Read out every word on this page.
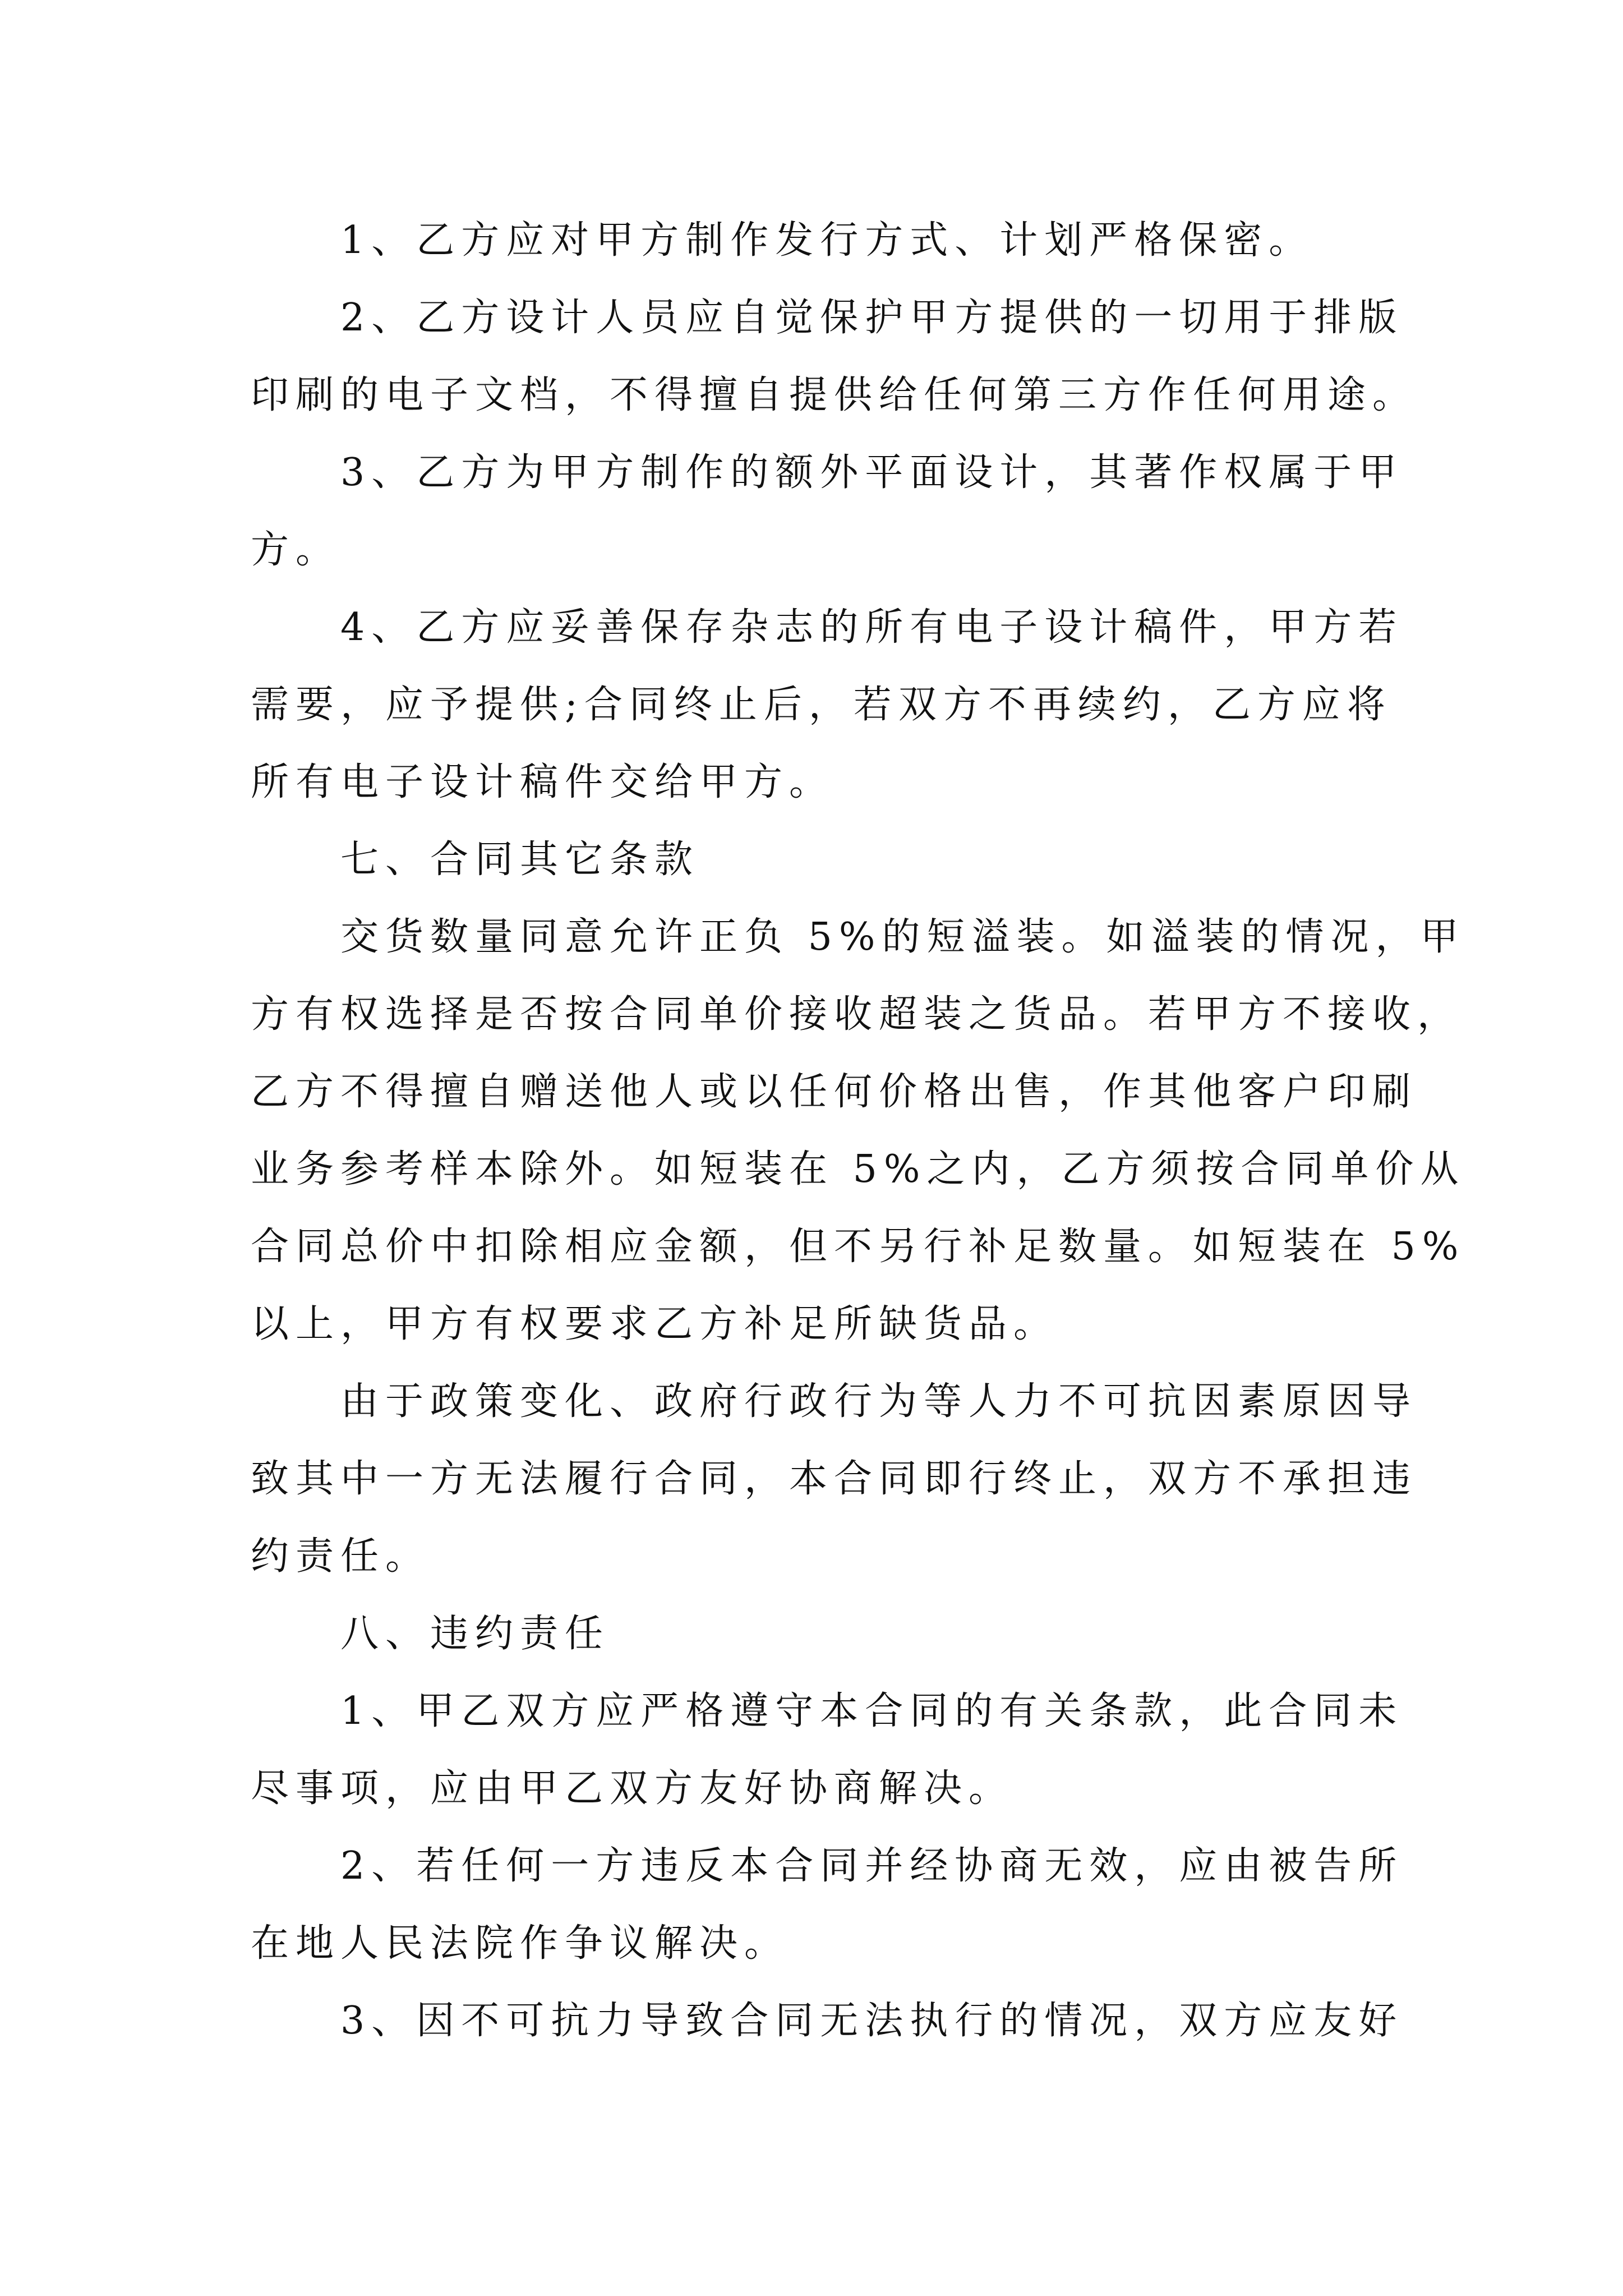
1、乙方应对甲方制作发行方式、计划严格保密。
2、乙方设计人员应自觉保护甲方提供的一切用于排版
印刷的电子文档，不得擅自提供给任何第三方作任何用途。
3、乙方为甲方制作的额外平面设计，其著作权属于甲
方。
4、乙方应妥善保存杂志的所有电子设计稿件，甲方若
需要，应予提供;合同终止后，若双方不再续约，乙方应将
所有电子设计稿件交给甲方。
七、合同其它条款
交货数量同意允许正负 5%的短溢装。如溢装的情况，甲
方有权选择是否按合同单价接收超装之货品。若甲方不接收，
乙方不得擅自赠送他人或以任何价格出售，作其他客户印刷
业务参考样本除外。如短装在 5%之内，乙方须按合同单价从
合同总价中扣除相应金额，但不另行补足数量。如短装在 5%
以上，甲方有权要求乙方补足所缺货品。
由于政策变化、政府行政行为等人力不可抗因素原因导
致其中一方无法履行合同，本合同即行终止，双方不承担违
约责任。
八、违约责任
1、甲乙双方应严格遵守本合同的有关条款，此合同未
尽事项，应由甲乙双方友好协商解决。
2、若任何一方违反本合同并经协商无效，应由被告所
在地人民法院作争议解决。
3、因不可抗力导致合同无法执行的情况，双方应友好
